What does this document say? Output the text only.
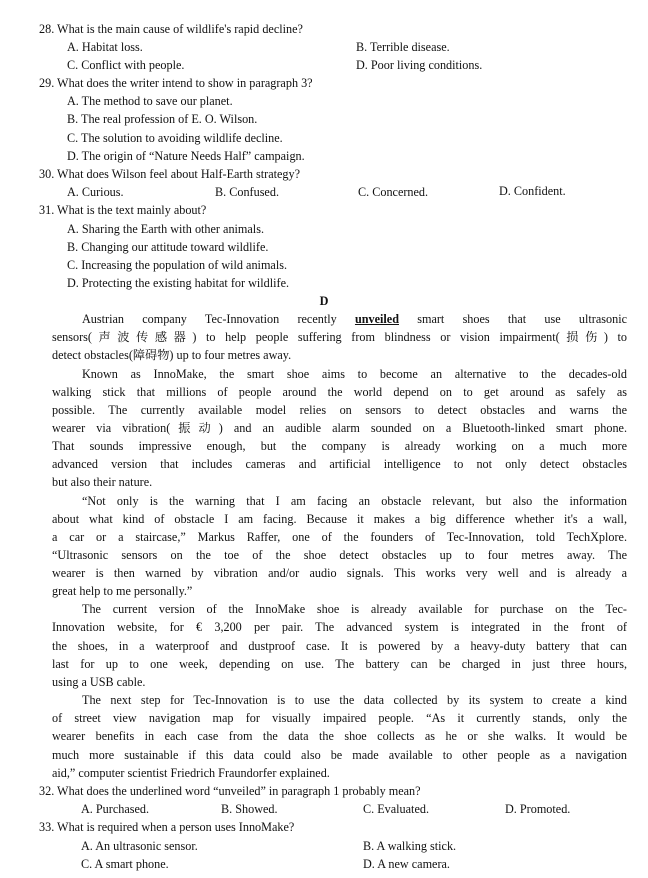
28. What is the main cause of wildlife's rapid decline?
A. Habitat loss.	B. Terrible disease.
C. Conflict with people.	D. Poor living conditions.
29. What does the writer intend to show in paragraph 3?
A. The method to save our planet.
B. The real profession of E. O. Wilson.
C. The solution to avoiding wildlife decline.
D. The origin of “Nature Needs Half” campaign.
30. What does Wilson feel about Half-Earth strategy?
A. Curious.	B. Confused.	C. Concerned.	D. Confident.
31. What is the text mainly about?
A. Sharing the Earth with other animals.
B. Changing our attitude toward wildlife.
C. Increasing the population of wild animals.
D. Protecting the existing habitat for wildlife.
D
Austrian company Tec-Innovation recently unveiled smart shoes that use ultrasonic
sensors(声波传感器) to help people suffering from blindness or vision impairment(损伤) to
detect obstacles(障碍物) up to four metres away.
Known as InnoMake, the smart shoe aims to become an alternative to the decades-old
walking stick that millions of people around the world depend on to get around as safely as
possible. The currently available model relies on sensors to detect obstacles and warns the
wearer via vibration(振动) and an audible alarm sounded on a Bluetooth-linked smart phone.
That sounds impressive enough, but the company is already working on a much more
advanced version that includes cameras and artificial intelligence to not only detect obstacles
but also their nature.
“Not only is the warning that I am facing an obstacle relevant, but also the information
about what kind of obstacle I am facing. Because it makes a big difference whether it's a wall,
a car or a staircase,” Markus Raffer, one of the founders of Tec-Innovation, told TechXplore.
“Ultrasonic sensors on the toe of the shoe detect obstacles up to four metres away. The
wearer is then warned by vibration and/or audio signals. This works very well and is already a
great help to me personally.”
The current version of the InnoMake shoe is already available for purchase on the Tec-
Innovation website, for € 3,200 per pair. The advanced system is integrated in the front of
the shoes, in a waterproof and dustproof case. It is powered by a heavy-duty battery that can
last for up to one week, depending on use. The battery can be charged in just three hours,
using a USB cable.
The next step for Tec-Innovation is to use the data collected by its system to create a kind
of street view navigation map for visually impaired people. “As it currently stands, only the
wearer benefits in each case from the data the shoe collects as he or she walks. It would be
much more sustainable if this data could also be made available to other people as a navigation
aid,” computer scientist Friedrich Fraundorfer explained.
32. What does the underlined word “unveiled” in paragraph 1 probably mean?
A. Purchased.	B. Showed.	C. Evaluated.	D. Promoted.
33. What is required when a person uses InnoMake?
A. An ultrasonic sensor.	B. A walking stick.
C. A smart phone.	D. A new camera.
